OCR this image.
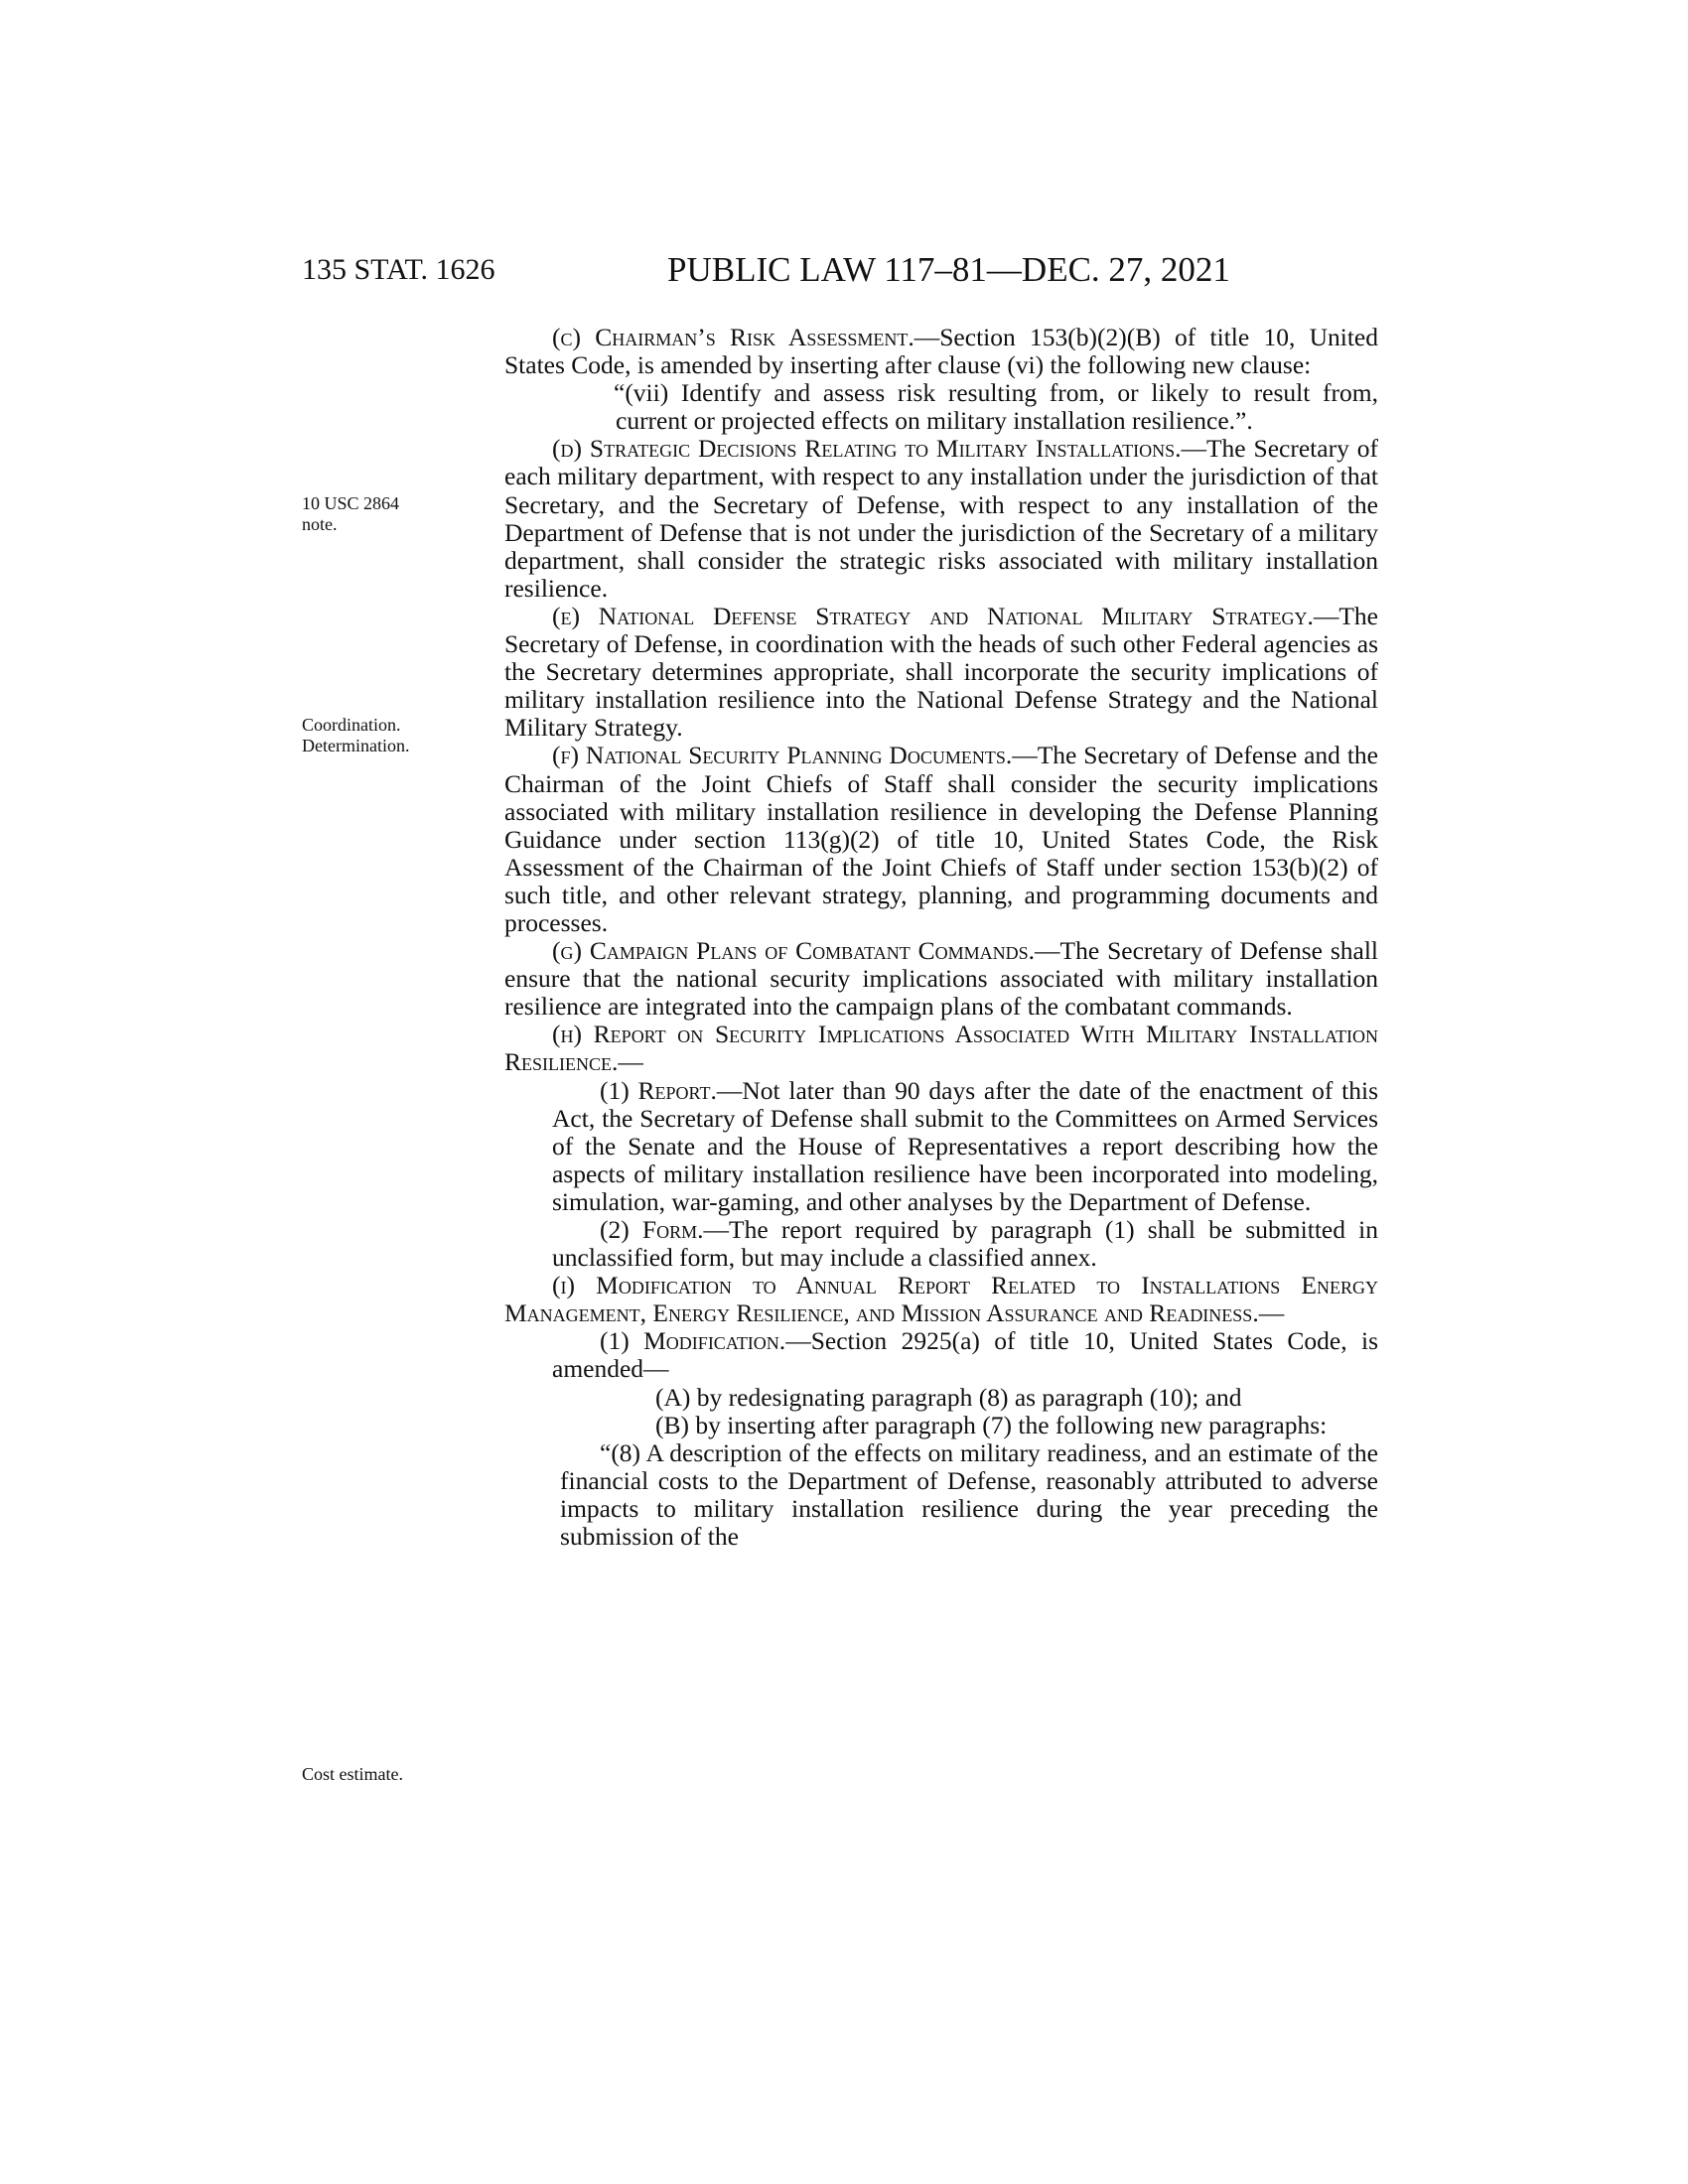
135 STAT. 1626	PUBLIC LAW 117–81—DEC. 27, 2021
10 USC 2864
note.
Coordination.
Determination.
Cost estimate.

(c) Chairman’s Risk Assessment.—Section 153(b)(2)(B) of title 10, United States Code, is amended by inserting after clause (vi) the following new clause:

“(vii) Identify and assess risk resulting from, or likely to result from, current or projected effects on military installation resilience.”.

(d) Strategic Decisions Relating to Military Installations.—The Secretary of each military department, with respect to any installation under the jurisdiction of that Secretary, and the Secretary of Defense, with respect to any installation of the Department of Defense that is not under the jurisdiction of the Secretary of a military department, shall consider the strategic risks associated with military installation resilience.

(e) National Defense Strategy and National Military Strategy.—The Secretary of Defense, in coordination with the heads of such other Federal agencies as the Secretary determines appropriate, shall incorporate the security implications of military installation resilience into the National Defense Strategy and the National Military Strategy.

(f) National Security Planning Documents.—The Secretary of Defense and the Chairman of the Joint Chiefs of Staff shall consider the security implications associated with military installation resilience in developing the Defense Planning Guidance under section 113(g)(2) of title 10, United States Code, the Risk Assessment of the Chairman of the Joint Chiefs of Staff under section 153(b)(2) of such title, and other relevant strategy, planning, and programming documents and processes.

(g) Campaign Plans of Combatant Commands.—The Secretary of Defense shall ensure that the national security implications associated with military installation resilience are integrated into the campaign plans of the combatant commands.

(h) Report on Security Implications Associated With Military Installation Resilience.—

(1) Report.—Not later than 90 days after the date of the enactment of this Act, the Secretary of Defense shall submit to the Committees on Armed Services of the Senate and the House of Representatives a report describing how the aspects of military installation resilience have been incorporated into modeling, simulation, war-gaming, and other analyses by the Department of Defense.

(2) Form.—The report required by paragraph (1) shall be submitted in unclassified form, but may include a classified annex.

(i) Modification to Annual Report Related to Installations Energy Management, Energy Resilience, and Mission Assurance and Readiness.—

(1) Modification.—Section 2925(a) of title 10, United States Code, is amended—

(A) by redesignating paragraph (8) as paragraph (10); and

(B) by inserting after paragraph (7) the following new paragraphs:

“(8) A description of the effects on military readiness, and an estimate of the financial costs to the Department of Defense, reasonably attributed to adverse impacts to military installation resilience during the year preceding the submission of the
